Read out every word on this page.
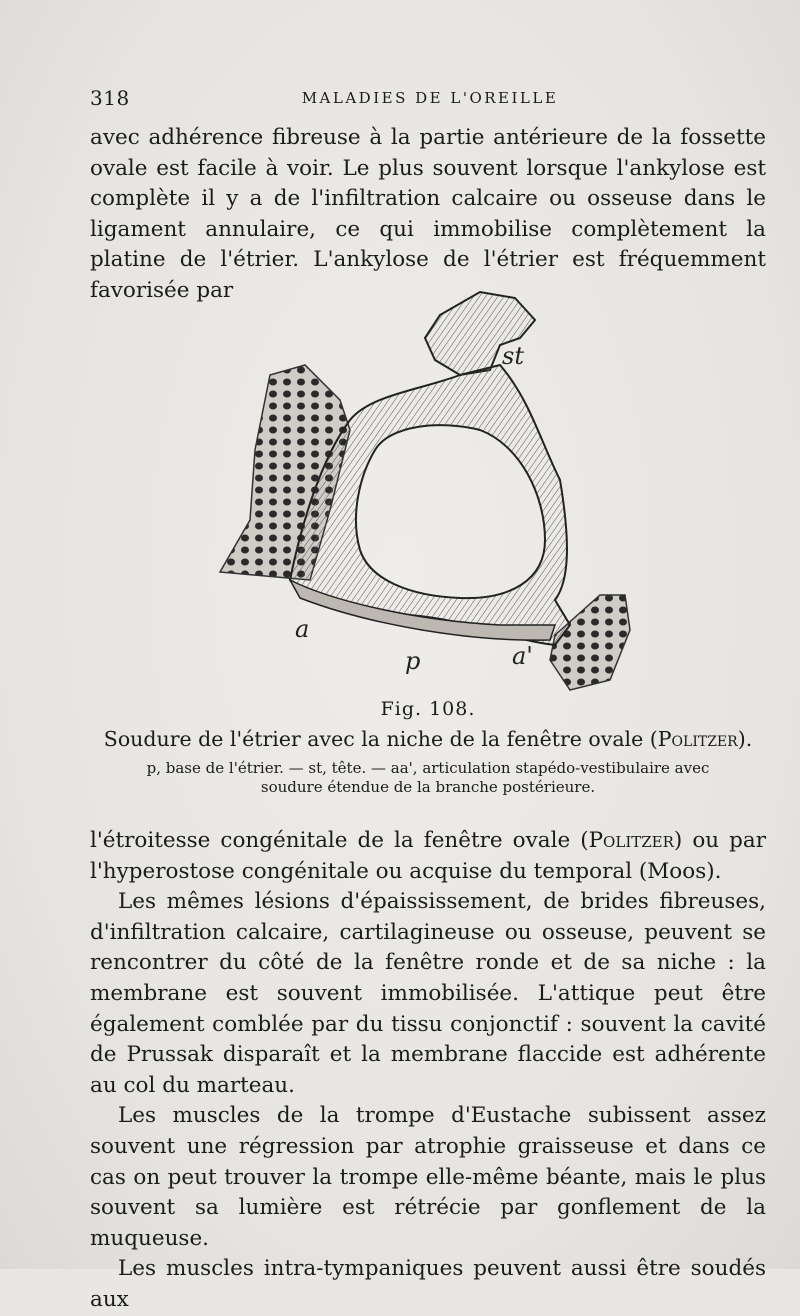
318	MALADIES DE L'OREILLE

avec adhérence fibreuse à la partie antérieure de la fossette ovale est facile à voir. Le plus souvent lorsque l'ankylose est complète il y a de l'infiltration calcaire ou osseuse dans le ligament annulaire, ce qui immobilise complètement la platine de l'étrier. L'ankylose de l'étrier est fréquemment favorisée par

st
a
p	a'
Fig. 108.
Soudure de l'étrier avec la niche de la fenêtre ovale (Politzer).
p, base de l'étrier. — st, tête. — aa', articulation stapédo-vestibulaire avec soudure étendue de la branche postérieure.

l'étroitesse congénitale de la fenêtre ovale (Politzer) ou par l'hyperostose congénitale ou acquise du temporal (Moos).

Les mêmes lésions d'épaississement, de brides fibreuses, d'infiltration calcaire, cartilagineuse ou osseuse, peuvent se rencontrer du côté de la fenêtre ronde et de sa niche : la membrane est souvent immobilisée. L'attique peut être également comblée par du tissu conjonctif : souvent la cavité de Prussak disparaît et la membrane flaccide est adhérente au col du marteau.

Les muscles de la trompe d'Eustache subissent assez souvent une régression par atrophie graisseuse et dans ce cas on peut trouver la trompe elle-même béante, mais le plus souvent sa lumière est rétrécie par gonflement de la muqueuse.

Les muscles intra-tympaniques peuvent aussi être soudés aux
